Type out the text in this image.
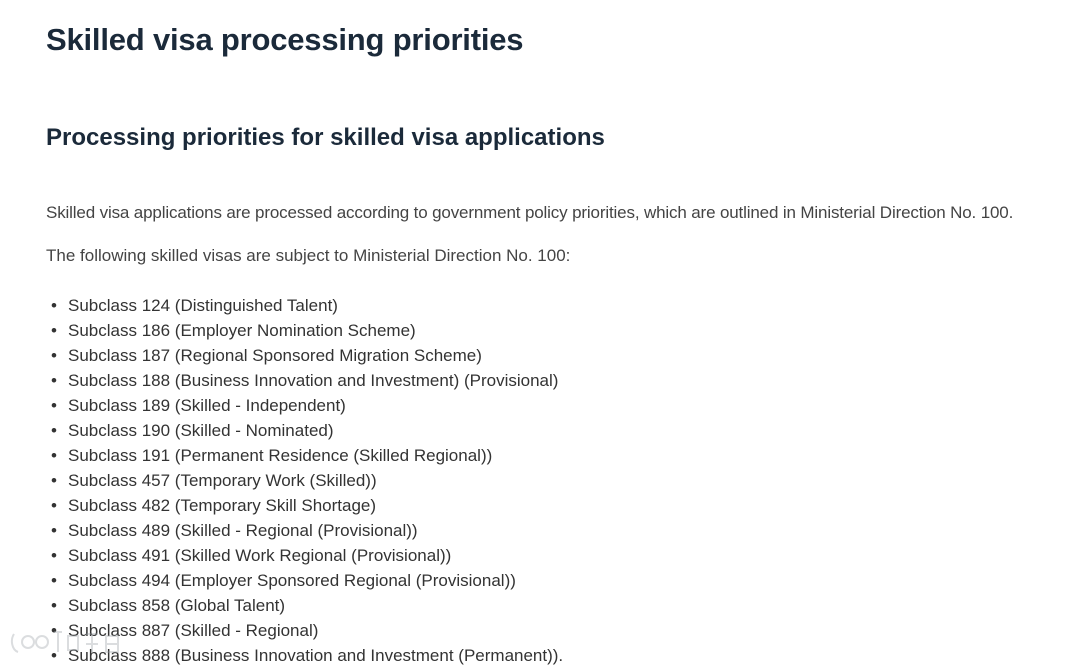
Skilled visa processing priorities
Processing priorities for skilled visa applications

Skilled visa applications are processed according to government policy priorities, which are outlined in Ministerial Direction No. 100.

The following skilled visas are subject to Ministerial Direction No. 100:

• Subclass 124 (Distinguished Talent)
• Subclass 186 (Employer Nomination Scheme)
• Subclass 187 (Regional Sponsored Migration Scheme)
• Subclass 188 (Business Innovation and Investment) (Provisional)
• Subclass 189 (Skilled - Independent)
• Subclass 190 (Skilled - Nominated)
• Subclass 191 (Permanent Residence (Skilled Regional))
• Subclass 457 (Temporary Work (Skilled))
• Subclass 482 (Temporary Skill Shortage)
• Subclass 489 (Skilled - Regional (Provisional))
• Subclass 491 (Skilled Work Regional (Provisional))
• Subclass 494 (Employer Sponsored Regional (Provisional))
• Subclass 858 (Global Talent)
• Subclass 887 (Skilled - Regional)
• Subclass 888 (Business Innovation and Investment (Permanent)).
